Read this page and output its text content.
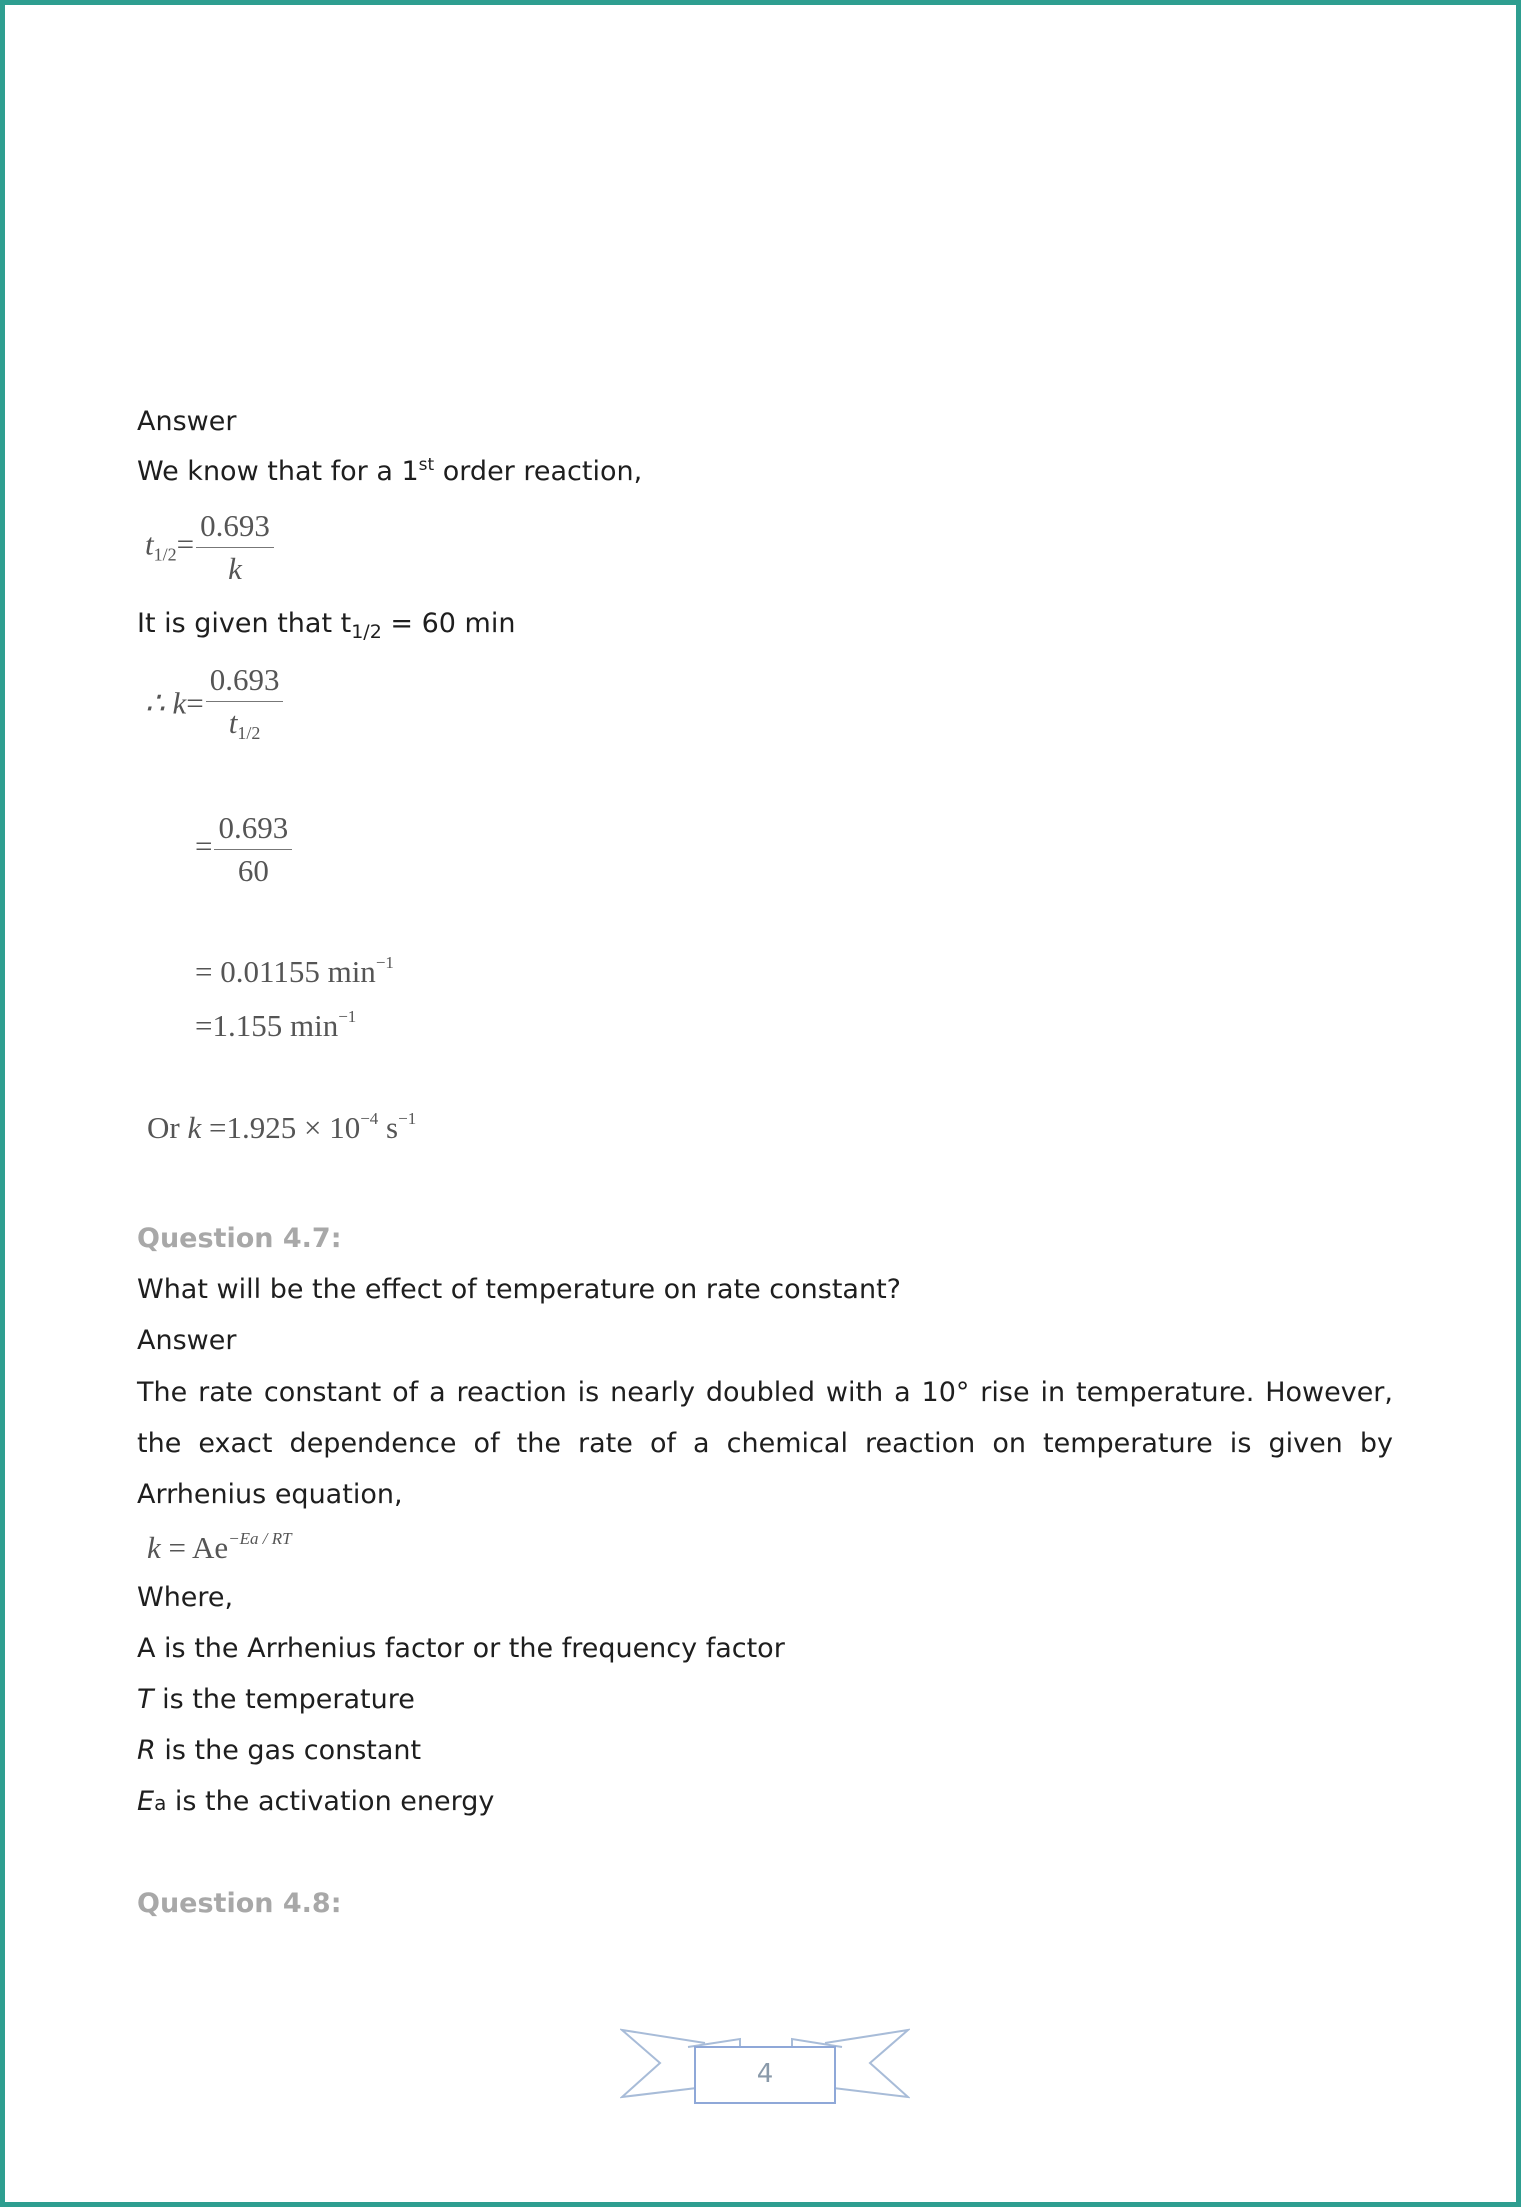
Answer
We know that for a 1st order reaction,
$t_{1/2}= \frac{0.693}{k}$
It is given that $t_{1/2} = 60$ min
∴ $k= \frac{0.693}{t_{1/2}}$
= $\frac{0.693}{60}$
= 0.01155 $\min^{-1}$
=1.155 $\min^{-1}$
Or $k =1.925 \times 10^{-4}$ $s^{-1}$
Question 4.7:
What will be the effect of temperature on rate constant?
Answer
The rate constant of a reaction is nearly doubled with a 10° rise in temperature. However, the exact dependence of the rate of a chemical reaction on temperature is given by Arrhenius equation,
$k = Ae^{-Ea / RT}$
Where,
A is the Arrhenius factor or the frequency factor
T is the temperature
R is the gas constant
Ea is the activation energy
Question 4.8:
4
